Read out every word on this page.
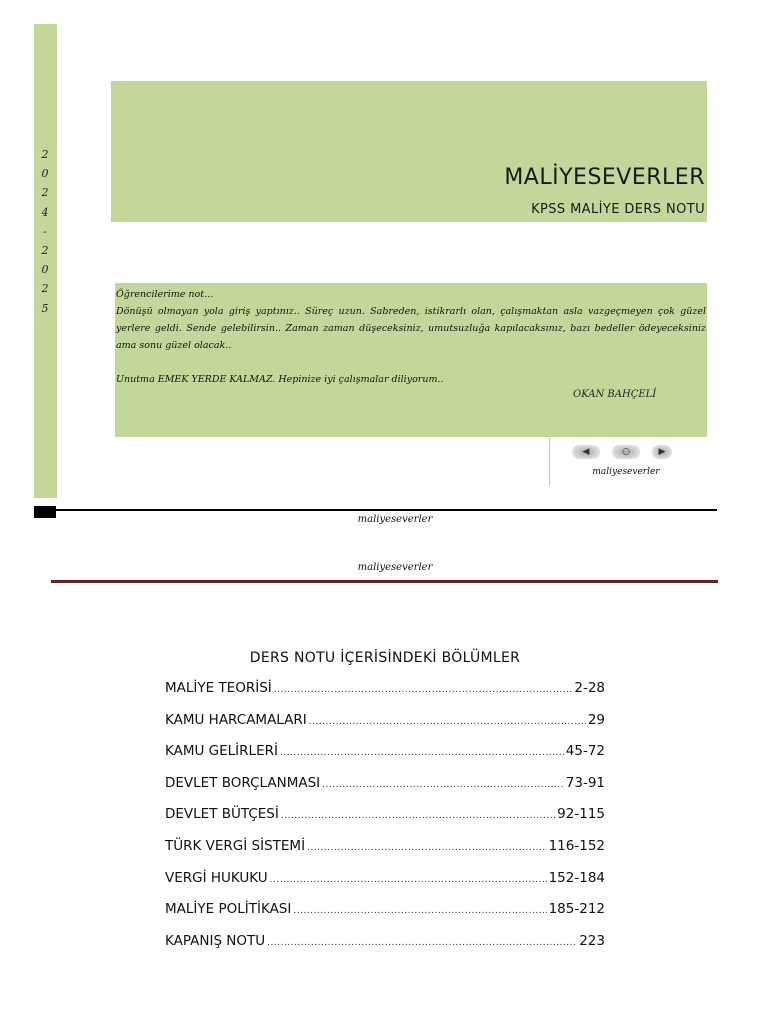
2
0
2
4
-
2
0
2
5
MALİYESEVERLER
KPSS MALİYE DERS NOTU

Öğrencilerime not…

Dönüşü olmayan yola giriş yaptınız.. Süreç uzun. Sabreden, istikrarlı olan, çalışmaktan asla vazgeçmeyen çok güzel yerlere geldi. Sende gelebilirsin.. Zaman zaman düşeceksiniz, umutsuzluğa kapılacaksınız, bazı bedeller ödeyeceksiniz ama sonu güzel olacak..

Unutma EMEK YERDE KALMAZ. Hepinize iyi çalışmalar diliyorum..

OKAN BAHÇELİ
◀	○	▶
maliyeseverler
maliyeseverler
maliyeseverler
DERS NOTU İÇERİSİNDEKİ BÖLÜMLER
MALİYE TEORİSİ .....	2-28
KAMU HARCAMALARI .....	29
KAMU GELİRLERİ .....	45-72
DEVLET BORÇLANMASI .....	73-91
DEVLET BÜTÇESİ .....	92-115
TÜRK VERGİ SİSTEMİ .....	116-152
VERGİ HUKUKU .....	152-184
MALİYE POLİTİKASI .....	185-212
KAPANIŞ NOTU .....	223
